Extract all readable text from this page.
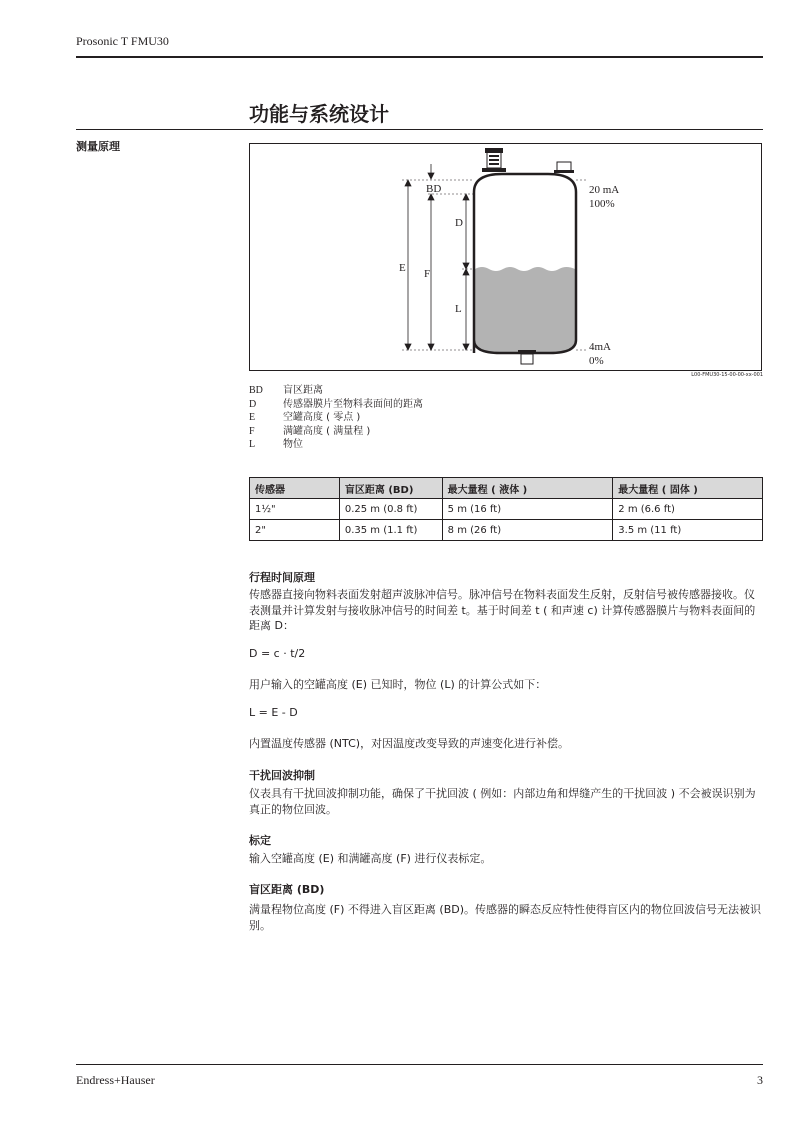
Prosonic T FMU30
功能与系统设计
测量原理
BD
D
E F
L
20 mA
100%
4mA
0%
L00-FMU30-15-00-00-xx-001
BD	盲区距离
D	传感器膜片至物料表面间的距离
E	空罐高度 ( 零点 )
F	满罐高度 ( 满量程 )
L	物位
传感器	盲区距离 (BD)	最大量程 ( 液体 )	最大量程 ( 固体 )
1½"	0.25 m (0.8 ft)	5 m (16 ft)	2 m (6.6 ft)
2"	0.35 m (1.1 ft)	8 m (26 ft)	3.5 m (11 ft)
行程时间原理
传感器直接向物料表面发射超声波脉冲信号。脉冲信号在物料表面发生反射，反射信号被传感器接收。仪表测量并计算发射与接收脉冲信号的时间差 t。基于时间差 t ( 和声速 c) 计算传感器膜片与物料表面间的距离 D：
D = c · t/2
用户输入的空罐高度 (E) 已知时，物位 (L) 的计算公式如下：
L = E - D
内置温度传感器 (NTC)，对因温度改变导致的声速变化进行补偿。
干扰回波抑制
仪表具有干扰回波抑制功能，确保了干扰回波 ( 例如：内部边角和焊缝产生的干扰回波 ) 不会被误识别为真正的物位回波。
标定
输入空罐高度 (E) 和满罐高度 (F) 进行仪表标定。
盲区距离 (BD)
满量程物位高度 (F) 不得进入盲区距离 (BD)。传感器的瞬态反应特性使得盲区内的物位回波信号无法被识别。
Endress+Hauser	3
